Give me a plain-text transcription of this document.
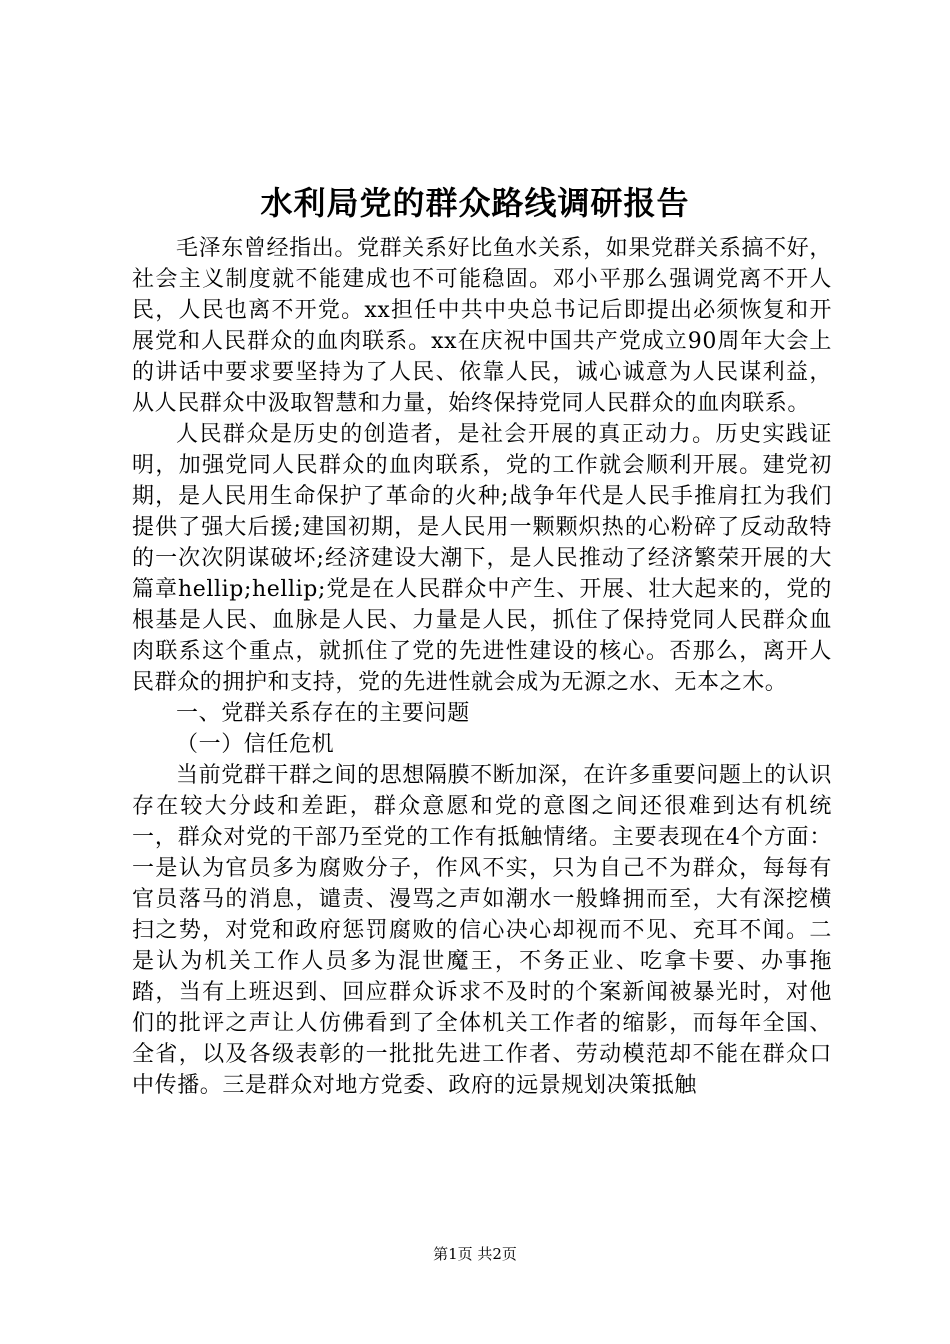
水利局党的群众路线调研报告

毛泽东曾经指出。党群关系好比鱼水关系，如果党群关系搞不好，社会主义制度就不能建成也不可能稳固。邓小平那么强调党离不开人民，人民也离不开党。xx担任中共中央总书记后即提出必须恢复和开展党和人民群众的血肉联系。xx在庆祝中国共产党成立90周年大会上的讲话中要求要坚持为了人民、依靠人民，诚心诚意为人民谋利益，从人民群众中汲取智慧和力量，始终保持党同人民群众的血肉联系。

人民群众是历史的创造者，是社会开展的真正动力。历史实践证明，加强党同人民群众的血肉联系，党的工作就会顺利开展。建党初期，是人民用生命保护了革命的火种;战争年代是人民手推肩扛为我们提供了强大后援;建国初期，是人民用一颗颗炽热的心粉碎了反动敌特的一次次阴谋破坏;经济建设大潮下，是人民推动了经济繁荣开展的大篇章hellip;hellip;党是在人民群众中产生、开展、壮大起来的，党的根基是人民、血脉是人民、力量是人民，抓住了保持党同人民群众血肉联系这个重点，就抓住了党的先进性建设的核心。否那么，离开人民群众的拥护和支持，党的先进性就会成为无源之水、无本之木。

一、党群关系存在的主要问题

（一）信任危机

当前党群干群之间的思想隔膜不断加深，在许多重要问题上的认识存在较大分歧和差距，群众意愿和党的意图之间还很难到达有机统一，群众对党的干部乃至党的工作有抵触情绪。主要表现在4个方面：一是认为官员多为腐败分子，作风不实，只为自己不为群众，每每有官员落马的消息，谴责、漫骂之声如潮水一般蜂拥而至，大有深挖横扫之势，对党和政府惩罚腐败的信心决心却视而不见、充耳不闻。二是认为机关工作人员多为混世魔王，不务正业、吃拿卡要、办事拖踏，当有上班迟到、回应群众诉求不及时的个案新闻被暴光时，对他们的批评之声让人仿佛看到了全体机关工作者的缩影，而每年全国、全省，以及各级表彰的一批批先进工作者、劳动模范却不能在群众口中传播。三是群众对地方党委、政府的远景规划决策抵触

第1页 共2页
